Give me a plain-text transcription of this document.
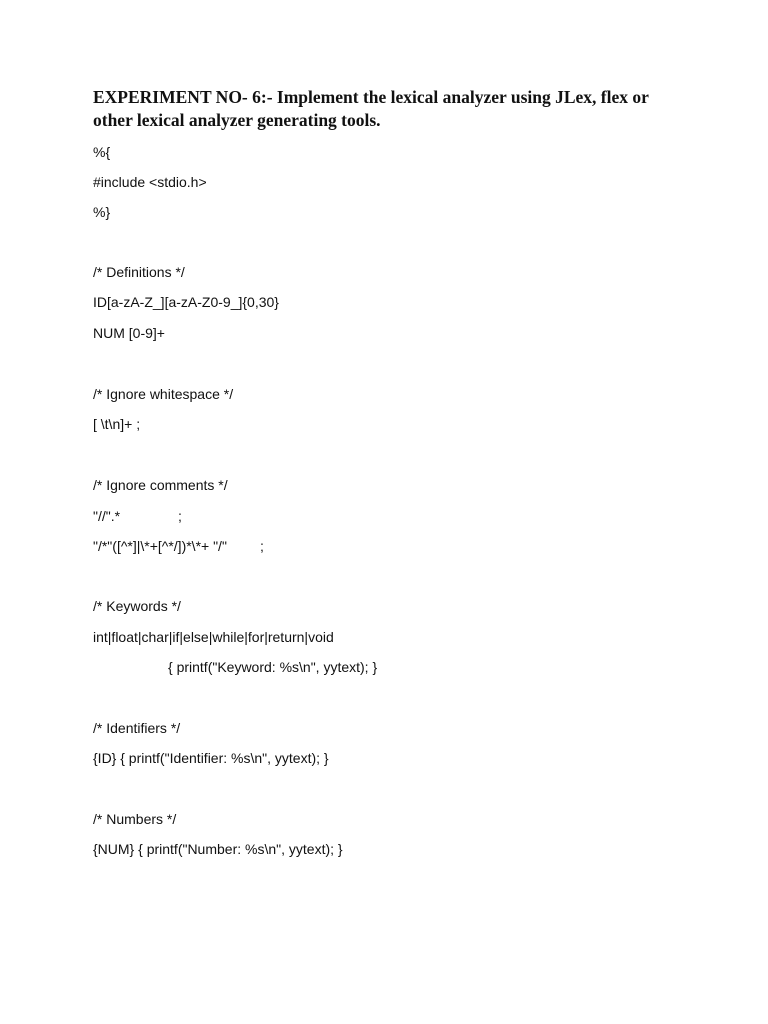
EXPERIMENT NO- 6:- Implement the lexical analyzer using JLex, flex or
other lexical analyzer generating tools.
%{
#include <stdio.h>
%}
/* Definitions */
ID[a-zA-Z_][a-zA-Z0-9_]{0,30}
NUM [0-9]+
/* Ignore whitespace */
[ \t\n]+ ;
/* Ignore comments */
"//".*	;
"/*"([^*]|\*+[^*/])*\*+ "/" ;
/* Keywords */
int|float|char|if|else|while|for|return|void
{ printf("Keyword: %s\n", yytext); }
/* Identifiers */
{ID} { printf("Identifier: %s\n", yytext); }
/* Numbers */
{NUM} { printf("Number: %s\n", yytext); }
